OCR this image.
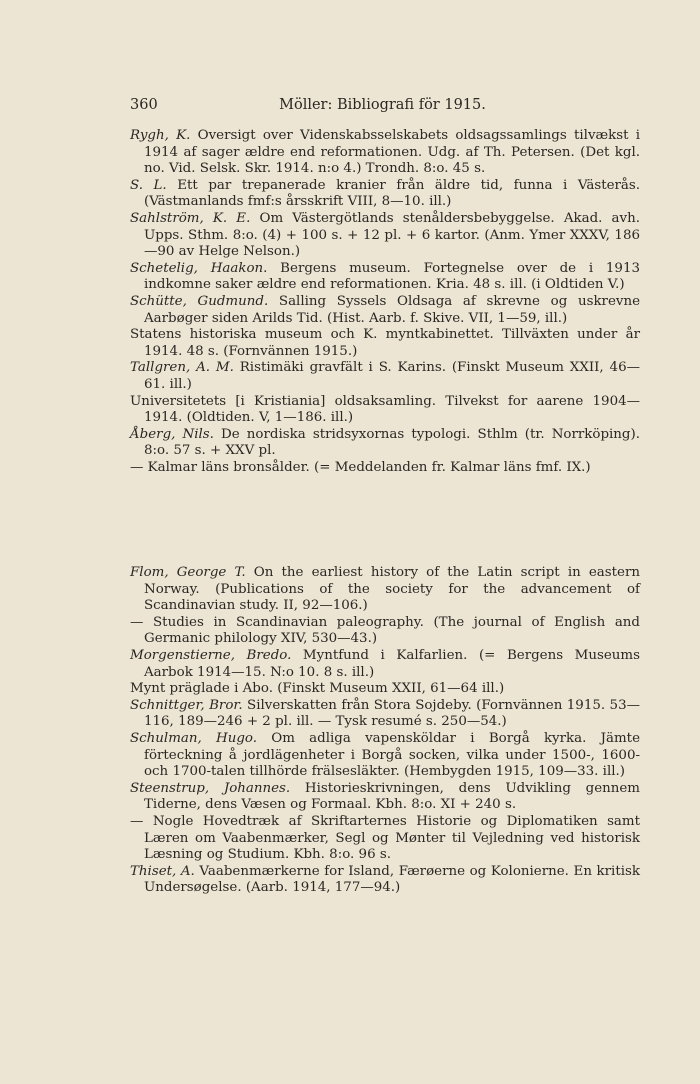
360	Möller: Bibliografi för 1915.
Rygh, K. Oversigt over Videnskabsselskabets oldsagssamlings tilvækst i 1914 af sager ældre end reformationen. Udg. af Th. Petersen. (Det kgl. no. Vid. Selsk. Skr. 1914. n:o 4.) Trondh. 8:o. 45 s.
S. L. Ett par trepanerade kranier från äldre tid, funna i Västerås. (Västmanlands fmf:s årsskrift VIII, 8—10. ill.)
Sahlström, K. E. Om Västergötlands stenåldersbebyggelse. Akad. avh. Upps. Sthm. 8:o. (4) + 100 s. + 12 pl. + 6 kartor. (Anm. Ymer XXXV, 186—90 av Helge Nelson.)
Schetelig, Haakon. Bergens museum. Fortegnelse over de i 1913 indkomne saker ældre end reformationen. Kria. 48 s. ill. (i Oldtiden V.)
Schütte, Gudmund. Salling Syssels Oldsaga af skrevne og uskrevne Aarbøger siden Arilds Tid. (Hist. Aarb. f. Skive. VII, 1—59, ill.)
Statens historiska museum och K. myntkabinettet. Tillväxten under år 1914. 48 s. (Fornvännen 1915.)
Tallgren, A. M. Ristimäki gravfält i S. Karins. (Finskt Museum XXII, 46—61. ill.)
Universitetets [i Kristiania] oldsaksamling. Tilvekst for aarene 1904—1914. (Oldtiden. V, 1—186. ill.)
Åberg, Nils. De nordiska stridsyxornas typologi. Sthlm (tr. Norrköping). 8:o. 57 s. + XXV pl.
— Kalmar läns bronsålder. (= Meddelanden fr. Kalmar läns fmf. IX.)
Flom, George T. On the earliest history of the Latin script in eastern Norway. (Publications of the society for the advancement of Scandinavian study. II, 92—106.)
— Studies in Scandinavian paleography. (The journal of English and Germanic philology XIV, 530—43.)
Morgenstierne, Bredo. Myntfund i Kalfarlien. (= Bergens Museums Aarbok 1914—15. N:o 10. 8 s. ill.)
Mynt präglade i Abo. (Finskt Museum XXII, 61—64 ill.)
Schnittger, Bror. Silverskatten från Stora Sojdeby. (Fornvännen 1915. 53—116, 189—246 + 2 pl. ill. — Tysk resumé s. 250—54.)
Schulman, Hugo. Om adliga vapensköldar i Borgå kyrka. Jämte förteckning å jordlägenheter i Borgå socken, vilka under 1500-, 1600- och 1700-talen tillhörde frälsesläkter. (Hembygden 1915, 109—33. ill.)
Steenstrup, Johannes. Historieskrivningen, dens Udvikling gennem Tiderne, dens Væsen og Formaal. Kbh. 8:o. XI + 240 s.
— Nogle Hovedtræk af Skriftarternes Historie og Diplomatiken samt Læren om Vaabenmærker, Segl og Mønter til Vejledning ved historisk Læsning og Studium. Kbh. 8:o. 96 s.
Thiset, A. Vaabenmærkerne for Island, Færøerne og Kolonierne. En kritisk Undersøgelse. (Aarb. 1914, 177—94.)
